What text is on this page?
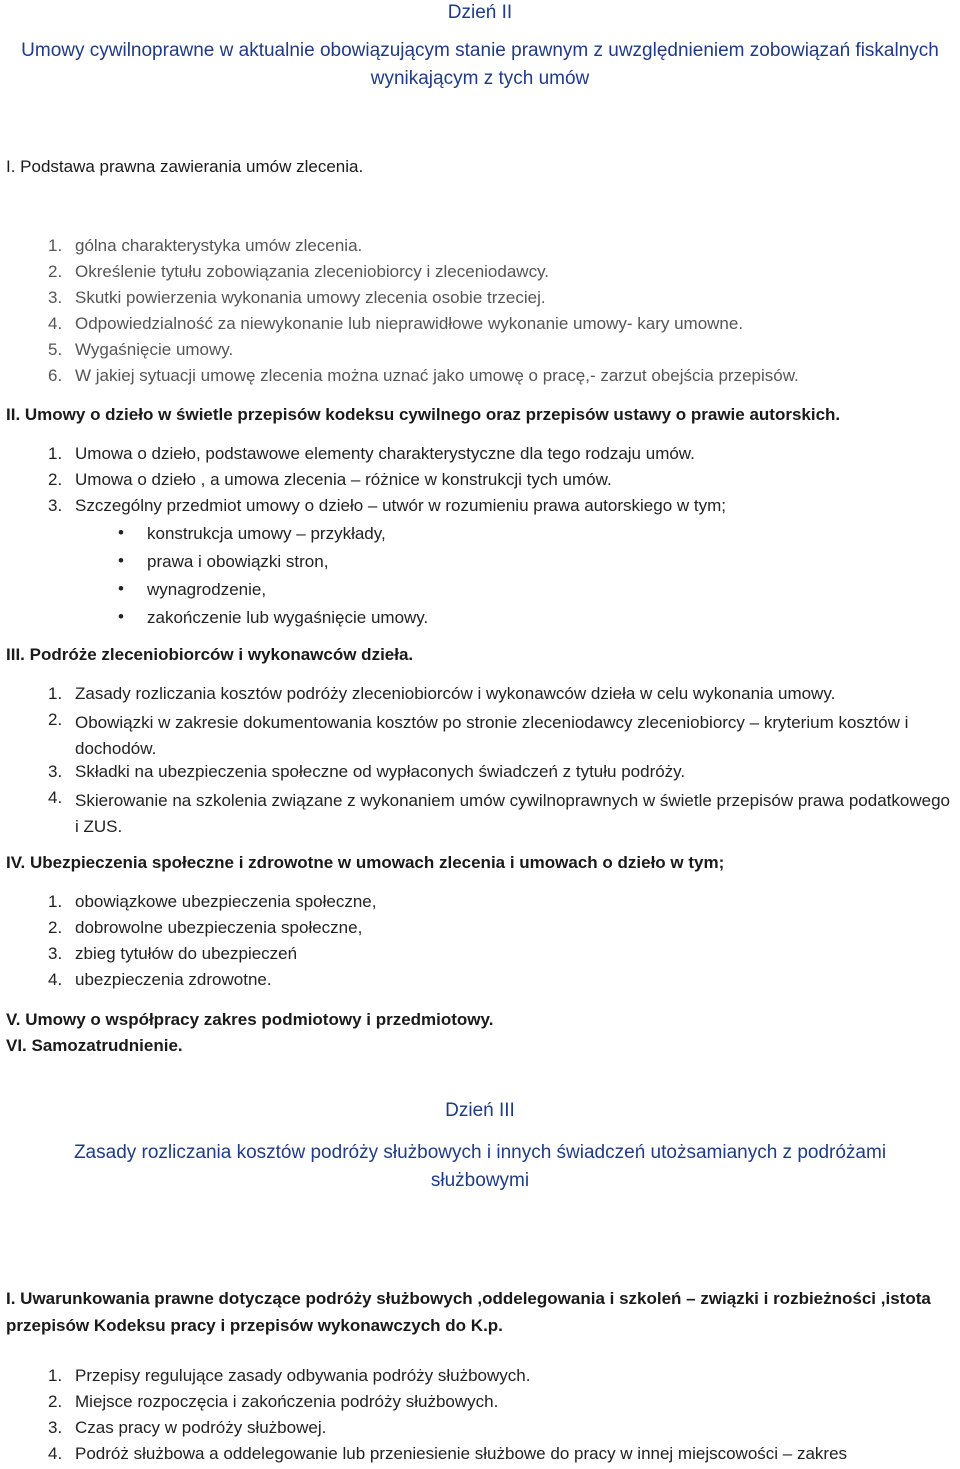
Dzień II
Umowy cywilnoprawne w aktualnie obowiązującym stanie prawnym z uwzględnieniem zobowiązań fiskalnych wynikającym z tych umów
I. Podstawa prawna zawierania umów zlecenia.
1. gólna charakterystyka umów zlecenia.
2. Określenie tytułu zobowiązania zleceniobiorcy i zleceniodawcy.
3. Skutki powierzenia wykonania umowy zlecenia osobie trzeciej.
4. Odpowiedzialność za niewykonanie lub nieprawidłowe wykonanie umowy- kary umowne.
5. Wygaśnięcie umowy.
6. W jakiej sytuacji umowę zlecenia można uznać jako umowę o pracę,- zarzut obejścia przepisów.
II. Umowy o dzieło w świetle przepisów kodeksu cywilnego oraz przepisów ustawy o prawie autorskich.
1. Umowa o dzieło, podstawowe elementy charakterystyczne dla tego rodzaju umów.
2. Umowa o dzieło , a umowa zlecenia – różnice w konstrukcji tych umów.
3. Szczególny przedmiot umowy o dzieło – utwór w rozumieniu prawa autorskiego w tym;
• konstrukcja umowy – przykłady,
• prawa i obowiązki stron,
• wynagrodzenie,
• zakończenie lub wygaśnięcie umowy.
III. Podróże zleceniobiorców i wykonawców dzieła.
1. Zasady rozliczania kosztów podróży zleceniobiorców i wykonawców dzieła w celu wykonania umowy.
2. Obowiązki w zakresie dokumentowania kosztów po stronie zleceniodawcy zleceniobiorcy – kryterium kosztów i dochodów.
3. Składki na ubezpieczenia społeczne od wypłaconych świadczeń z tytułu podróży.
4. Skierowanie na szkolenia związane z wykonaniem umów cywilnoprawnych w świetle przepisów prawa podatkowego i ZUS.
IV. Ubezpieczenia społeczne i zdrowotne w umowach zlecenia i umowach o dzieło w tym;
1. obowiązkowe ubezpieczenia społeczne,
2. dobrowolne ubezpieczenia społeczne,
3. zbieg tytułów do ubezpieczeń
4. ubezpieczenia zdrowotne.
V. Umowy o współpracy zakres podmiotowy i przedmiotowy.
VI. Samozatrudnienie.
Dzień III
Zasady rozliczania kosztów podróży służbowych i innych świadczeń utożsamianych z podróżami służbowymi
I. Uwarunkowania prawne dotyczące podróży służbowych ,oddelegowania i szkoleń – związki i rozbieżności ,istota przepisów Kodeksu pracy i przepisów wykonawczych do K.p.
1. Przepisy regulujące zasady odbywania podróży służbowych.
2. Miejsce rozpoczęcia i zakończenia podróży służbowych.
3. Czas pracy w podróży służbowej.
4. Podróż służbowa a oddelegowanie lub przeniesienie służbowe do pracy w innej miejscowości – zakres
